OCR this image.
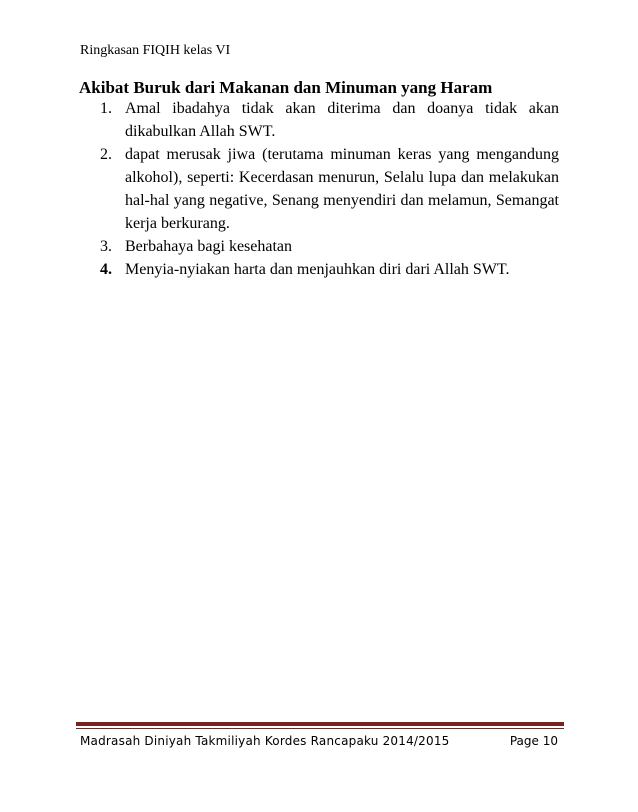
Ringkasan FIQIH kelas VI
Akibat Buruk dari Makanan dan Minuman yang Haram
1. Amal ibadahya tidak akan diterima dan doanya tidak akan dikabulkan Allah SWT.
2. dapat merusak jiwa (terutama minuman keras yang mengandung alkohol), seperti: Kecerdasan menurun, Selalu lupa dan melakukan hal-hal yang negative, Senang menyendiri dan melamun, Semangat kerja berkurang.
3. Berbahaya bagi kesehatan
4. Menyia-nyiakan harta dan menjauhkan diri dari Allah SWT.
Madrasah Diniyah Takmiliyah Kordes Rancapaku 2014/2015	Page 10
